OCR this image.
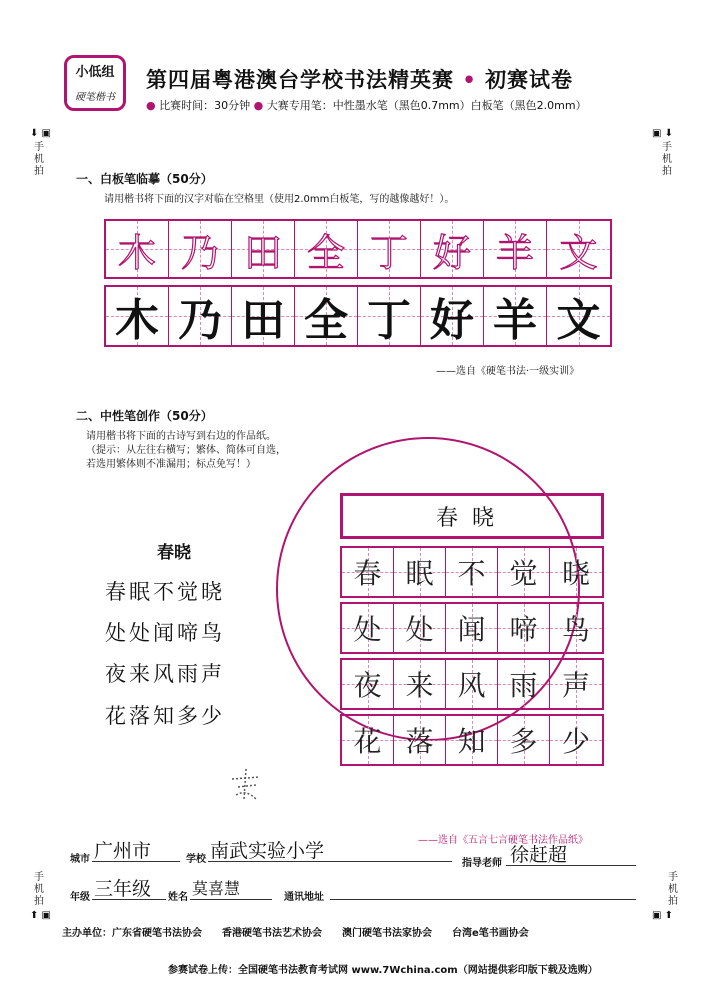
小低组
硬笔楷书
第四届粤港澳台学校书法精英赛 • 初赛试卷
● 比赛时间：30分钟 ● 大赛专用笔：中性墨水笔（黑色0.7mm）白板笔（黑色2.0mm）
⬇ ▣
手机拍
▣ ⬇
手机拍
手机拍
⬆ ▣
手机拍
▣ ⬆
一、白板笔临摹（50分）
请用楷书将下面的汉字对临在空格里（使用2.0mm白板笔，写的越像越好！）。
木 乃 田 全 丁 好 羊 文
木 乃 田 全 丁 好 羊 文
——选自《硬笔书法·一级实训》
二、中性笔创作（50分）
请用楷书将下面的古诗写到右边的作品纸。
（提示：从左往右横写；繁体、简体可自选，
若选用繁体则不准漏用；标点免写！）
春晓
春眠不觉晓
处处闻啼鸟
夜来风雨声
花落知多少
春晓
春 眠 不 觉 晓
处 处 闻 啼 鸟
夜 来 风 雨 声
花 落 知 多 少
——选自《五言七言硬笔书法作品纸》
城市 广州市	学校 南武实验小学
指导老师 徐赶超
年级 三年级 姓名 莫喜慧	通讯地址
主办单位：广东省硬笔书法协会　　香港硬笔书法艺术协会　　澳门硬笔书法家协会　　台湾e笔书画协会
参赛试卷上传：全国硬笔书法教育考试网 www.7Wchina.com（网站提供彩印版下载及选购）
